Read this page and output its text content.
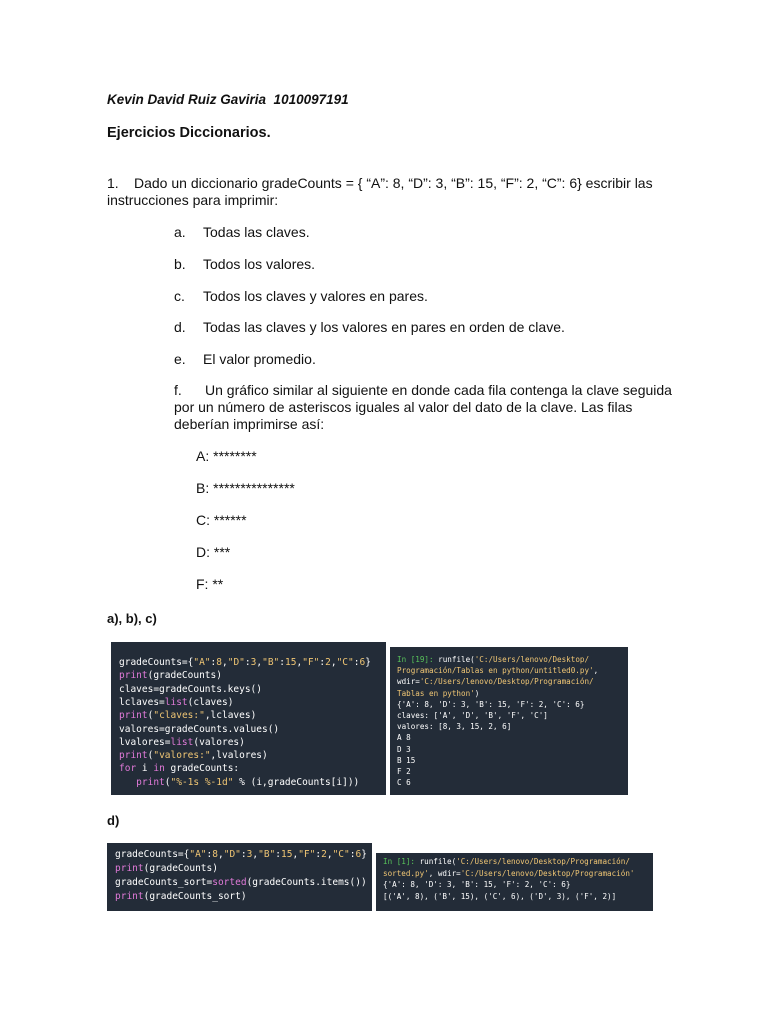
Kevin David Ruiz Gaviria  1010097191
Ejercicios Diccionarios.
1. Dado un diccionario gradeCounts = { “A”: 8, “D”: 3, “B”: 15, “F”: 2, “C”: 6} escribir las instrucciones para imprimir:
a. Todas las claves.
b. Todos los valores.
c. Todos los claves y valores en pares.
d. Todas las claves y los valores en pares en orden de clave.
e. El valor promedio.
f. Un gráfico similar al siguiente en donde cada fila contenga la clave seguida por un número de asteriscos iguales al valor del dato de la clave. Las filas deberían imprimirse así:
A: ********
B: ***************
C: ******
D: ***
F: **
a), b), c)
gradeCounts={"A":8,"D":3,"B":15,"F":2,"C":6}
print(gradeCounts)
claves=gradeCounts.keys()
lclaves=list(claves)
print("claves:",lclaves)
valores=gradeCounts.values()
lvalores=list(valores)
print("valores:",lvalores)
for i in gradeCounts:
print("%-1s %-1d" % (i,gradeCounts[i]))
In [19]: runfile('C:/Users/lenovo/Desktop/
Programación/Tablas en python/untitled0.py',
wdir='C:/Users/lenovo/Desktop/Programación/
Tablas en python')
{'A': 8, 'D': 3, 'B': 15, 'F': 2, 'C': 6}
claves: ['A', 'D', 'B', 'F', 'C']
valores: [8, 3, 15, 2, 6]
A 8
D 3
B 15
F 2
C 6
d)
gradeCounts={"A":8,"D":3,"B":15,"F":2,"C":6}
print(gradeCounts)
gradeCounts_sort=sorted(gradeCounts.items())
print(gradeCounts_sort)
In [1]: runfile('C:/Users/lenovo/Desktop/Programación/
sorted.py', wdir='C:/Users/lenovo/Desktop/Programación'
{'A': 8, 'D': 3, 'B': 15, 'F': 2, 'C': 6}
[('A', 8), ('B', 15), ('C', 6), ('D', 3), ('F', 2)]
